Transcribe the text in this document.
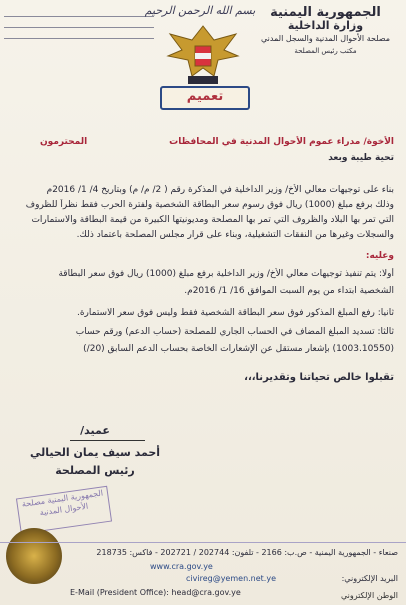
الجمهورية اليمنية
وزارة الداخلية
مصلحة الأحوال المدنية والسجل المدني
مكتب رئيس المصلحة
بسم الله الرحمن الرحيم
تعميم
الأخوة/ مدراء عموم الأحوال المدنية في المحافظات
المحترمون
تحية طيبة وبعد
بناء على توجيهات معالي الأخ/ وزير الداخلية في المذكرة رقم ( 2/ م/ م) وبتاريخ 4/ 1/ 2016م
وذلك برفع مبلغ (1000) ريال فوق رسوم سعر البطاقة الشخصية ولفترة الحرب فقط نظراً للظروف
التي تمر بها البلاد والظروف التي تمر بها المصلحة ومديونيتها الكبيرة من قيمة البطاقة والاستمارات
والسجلات وغيرها من النفقات التشغيلية، وبناء على قرار مجلس المصلحة باعتماد ذلك.
وعليه:
أولا: يتم تنفيذ توجيهات معالي الأخ/ وزير الداخلية برفع مبلغ (1000) ريال فوق سعر البطاقة
الشخصية ابتداء من يوم السبت الموافق 16/ 1/ 2016م.
ثانيا: رفع المبلغ المذكور فوق سعر البطاقة الشخصية فقط وليس فوق سعر الاستمارة.
ثالثا: تسديد المبلغ المضاف في الحساب الجاري للمصلحة (حساب الدعم) ورقم حساب
(1003.10550) بإشعار مستقل عن الإشعارات الخاصة بحساب الدعم السابق (20/)
تقبلوا خالص تحياتنا وتقديرنا،،،
عميد/
أحمد سيف يمان الحيالي
رئيس المصلحة
الجمهورية اليمنية مصلحة الأحوال المدنية
صنعاء - الجمهورية اليمنية - ص.ب: 2166 - تلفون: 202744 / 202721 - فاكس: 218735
www.cra.gov.ye
البريد الإلكتروني:
civireg@yemen.net.ye
E-Mail (President Office): head@cra.gov.ye	الوطن الإلكتروني
